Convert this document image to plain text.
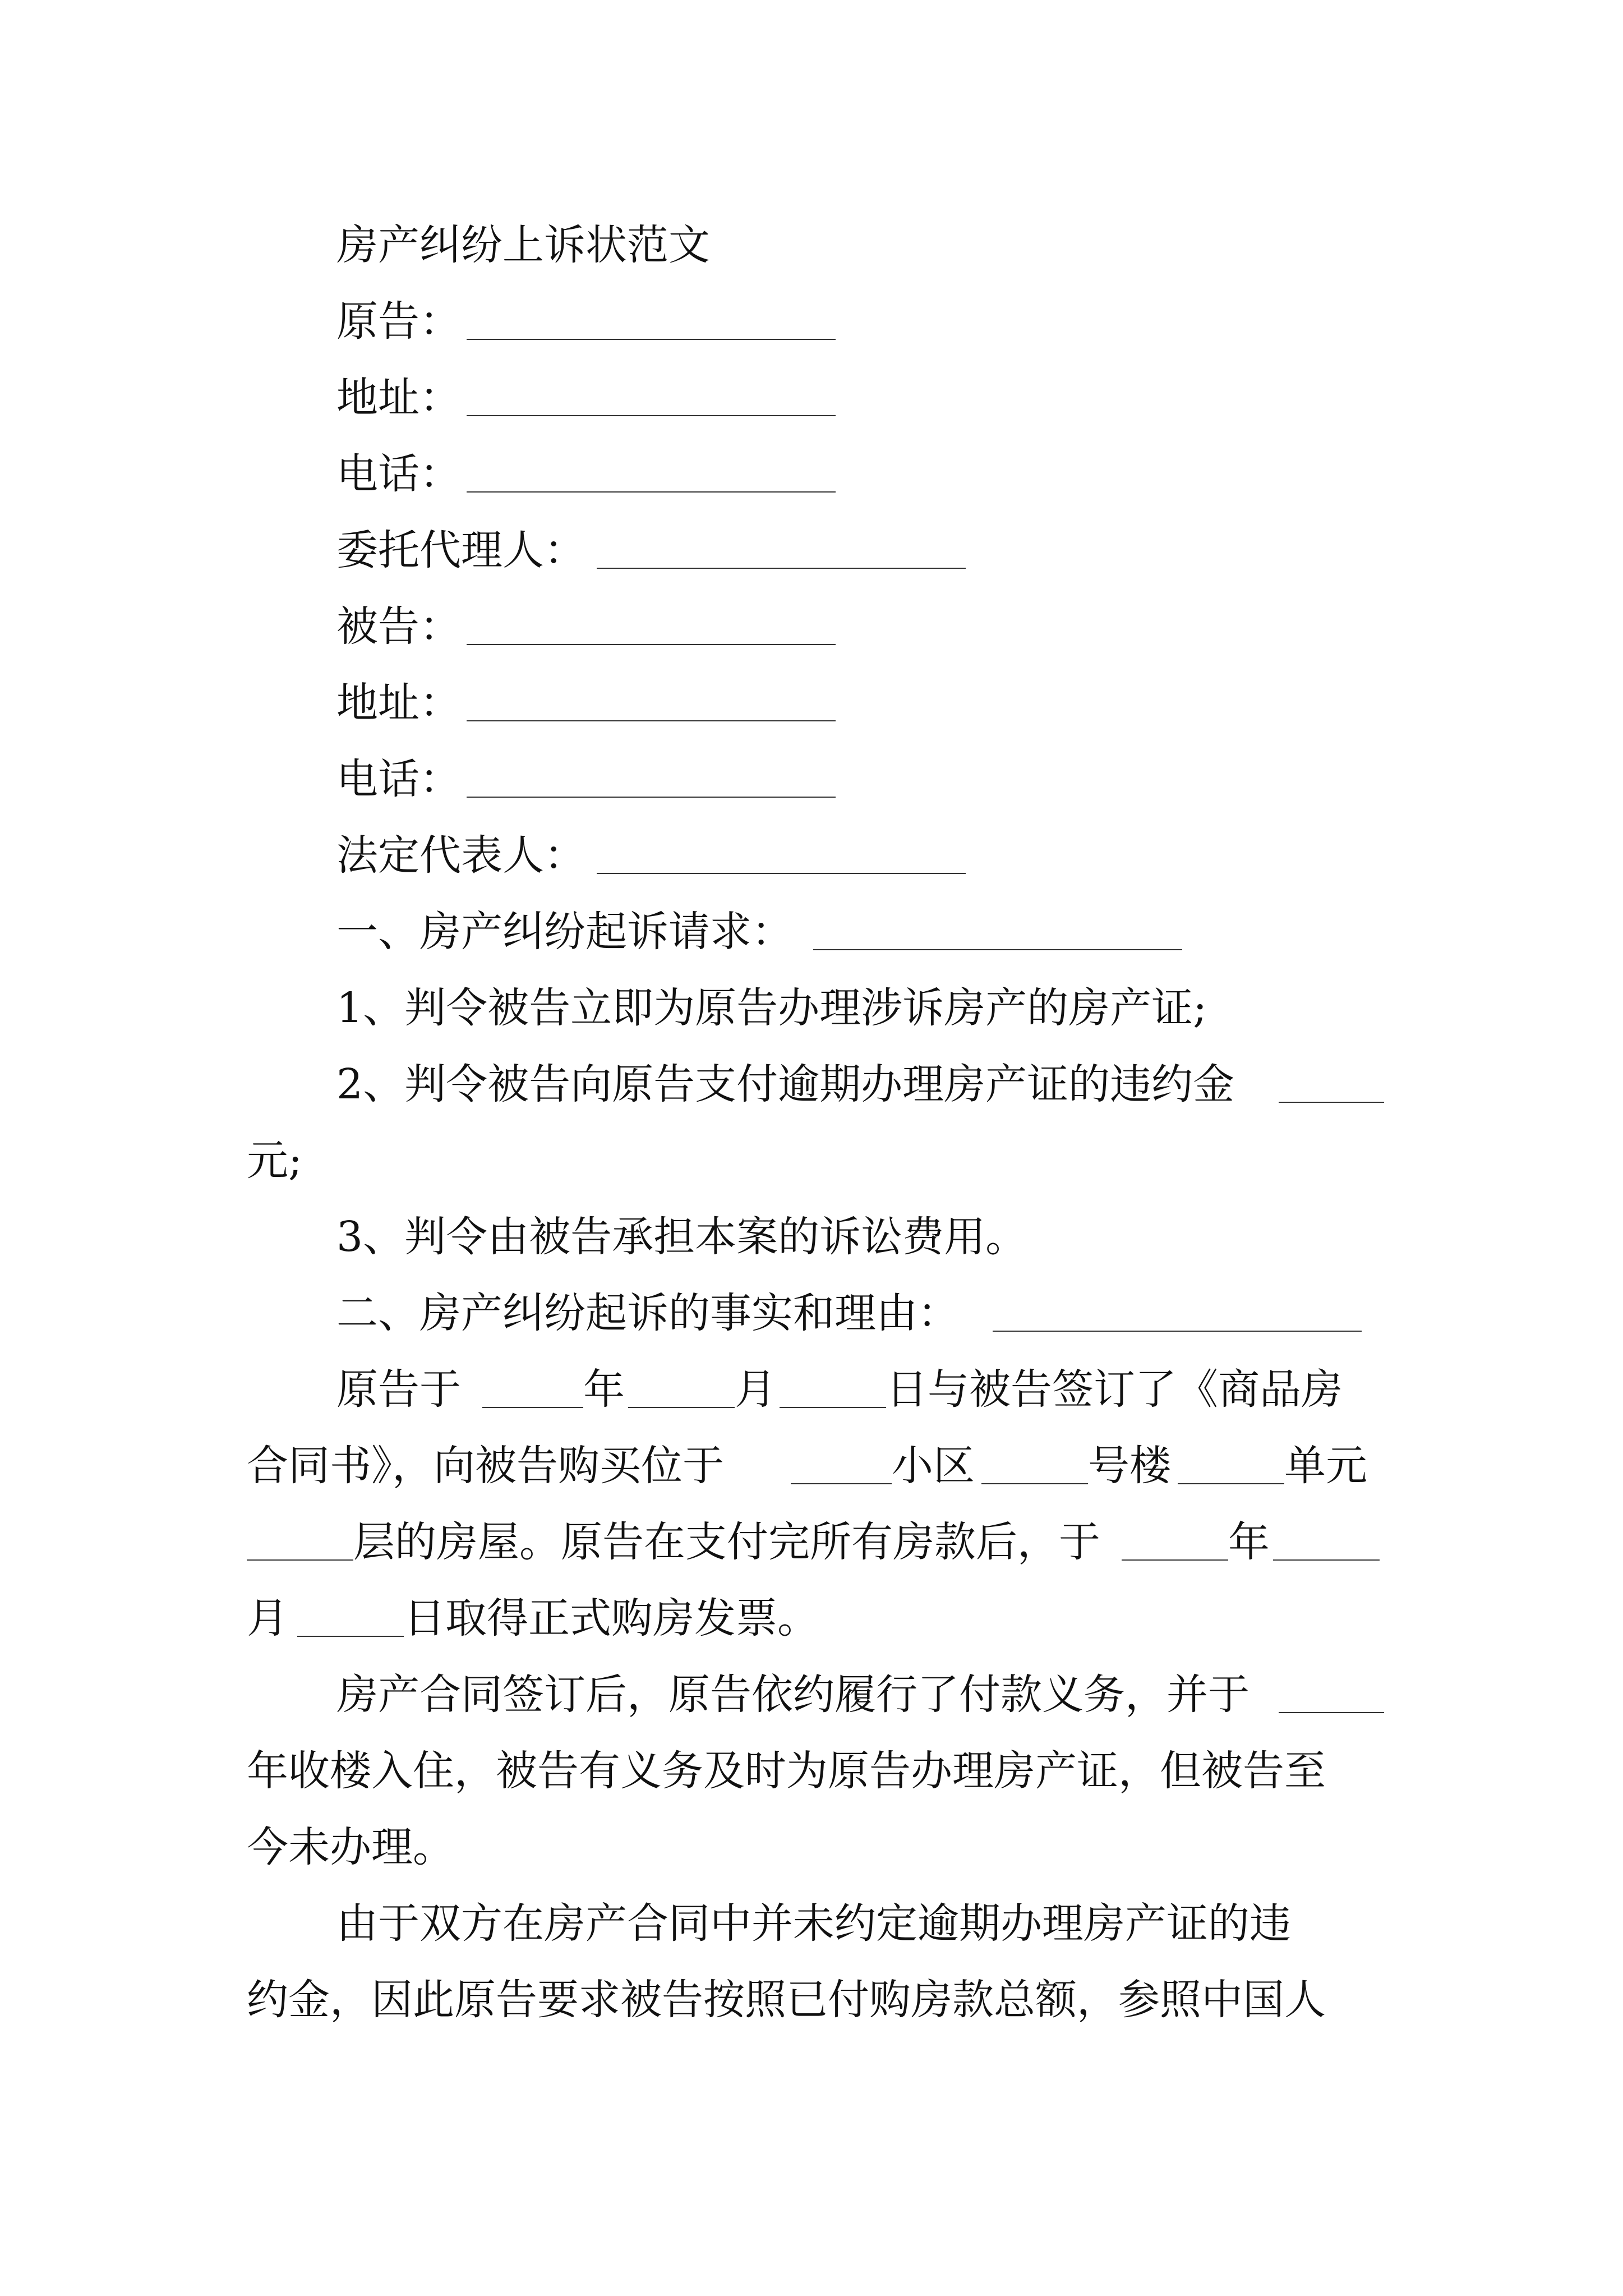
房产纠纷上诉状范文
原告：
地址：
电话：
委托代理人：
被告：
地址：
电话：
法定代表人：
一、房产纠纷起诉请求：
1、判令被告立即为原告办理涉诉房产的房产证;
2、判令被告向原告支付逾期办理房产证的违约金
元;
3、判令由被告承担本案的诉讼费用。
二、房产纠纷起诉的事实和理由：
原告于	年	月	日与被告签订了《商品房
合同书》，向被告购买位于	小区	号楼	单元
层的房屋。原告在支付完所有房款后，于	年
月	日取得正式购房发票。
房产合同签订后，原告依约履行了付款义务，并于
年收楼入住，被告有义务及时为原告办理房产证，但被告至
今未办理。
由于双方在房产合同中并未约定逾期办理房产证的违
约金，因此原告要求被告按照已付购房款总额，参照中国人
